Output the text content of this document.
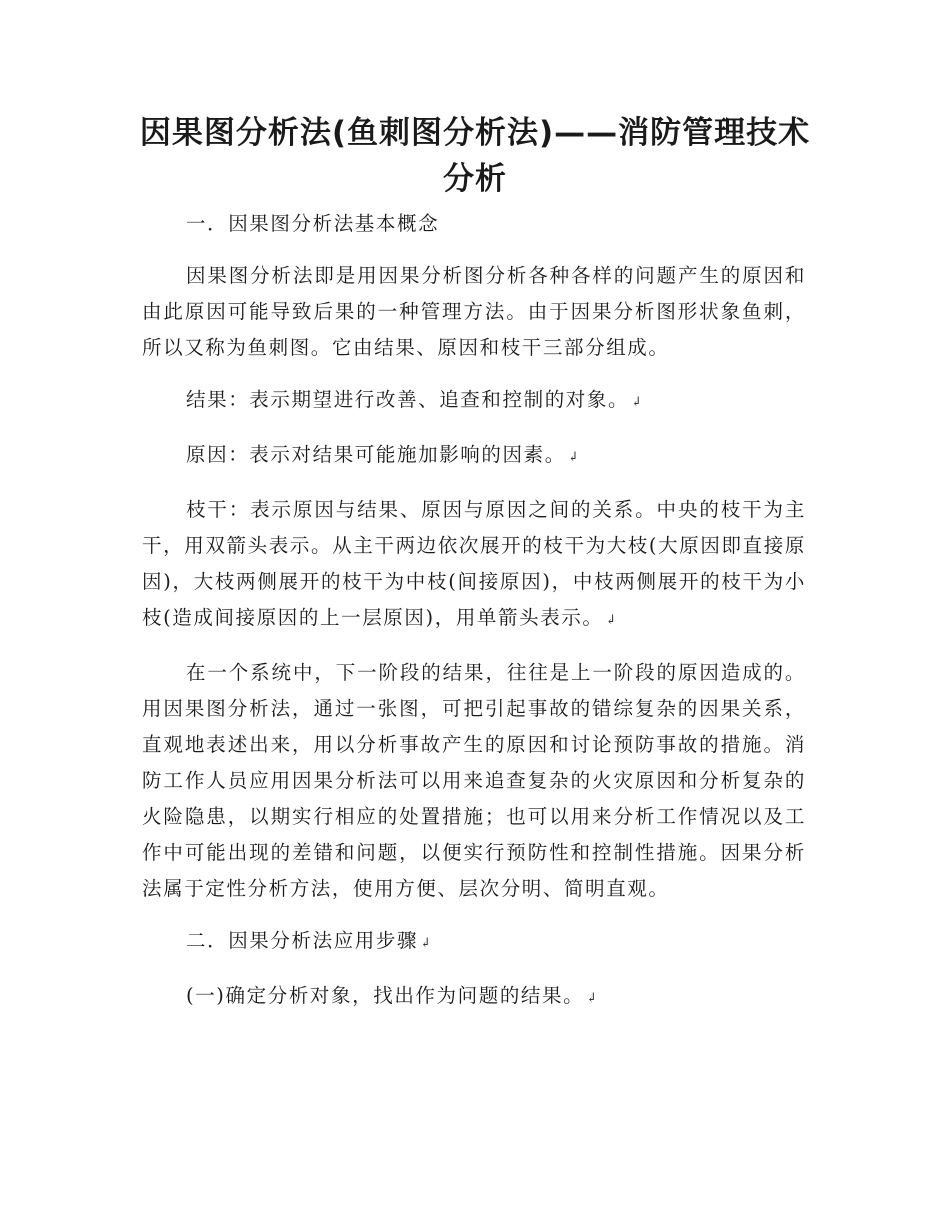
因果图分析法(鱼刺图分析法)——消防管理技术分析

一．因果图分析法基本概念

因果图分析法即是用因果分析图分析各种各样的问题产生的原因和由此原因可能导致后果的一种管理方法。由于因果分析图形状象鱼刺，所以又称为鱼刺图。它由结果、原因和枝干三部分组成。

结果：表示期望进行改善、追查和控制的对象。 ↲

原因：表示对结果可能施加影响的因素。 ↲

枝干：表示原因与结果、原因与原因之间的关系。中央的枝干为主干，用双箭头表示。从主干两边依次展开的枝干为大枝(大原因即直接原因)，大枝两侧展开的枝干为中枝(间接原因)，中枝两侧展开的枝干为小枝(造成间接原因的上一层原因)，用单箭头表示。 ↲

在一个系统中，下一阶段的结果，往往是上一阶段的原因造成的。用因果图分析法，通过一张图，可把引起事故的错综复杂的因果关系，直观地表述出来，用以分析事故产生的原因和讨论预防事故的措施。消防工作人员应用因果分析法可以用来追查复杂的火灾原因和分析复杂的火险隐患，以期实行相应的处置措施；也可以用来分析工作情况以及工作中可能出现的差错和问题，以便实行预防性和控制性措施。因果分析法属于定性分析方法，使用方便、层次分明、简明直观。

二．因果分析法应用步骤 ↲

(一)确定分析对象，找出作为问题的结果。 ↲
